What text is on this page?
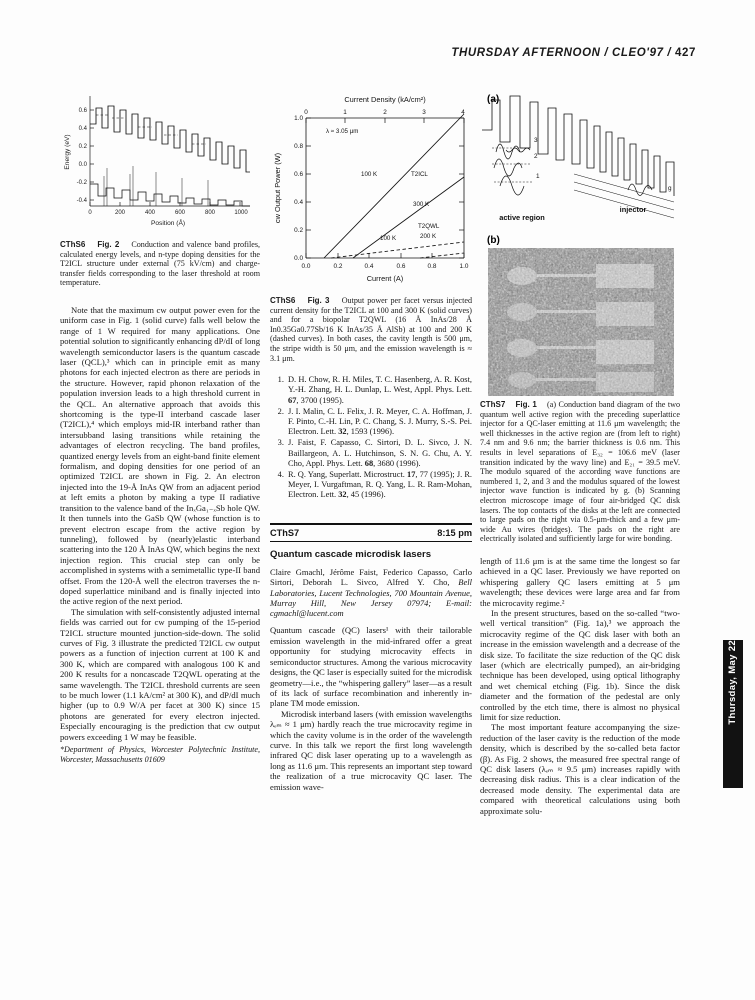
THURSDAY AFTERNOON / CLEO'97 / 427
0	200	400	600	800	1000
-0.4
-0.2
0.0
0.2
0.4
0.6
Position (Å)
Energy (eV)
Current Density (kA/cm²)
0	1	2	3	4
0.0	0.2	0.4	0.6	0.8	1.0
0.0
0.2
0.4
0.6
0.8
1.0
Current (A)
cw Output Power (W)
λ ≈ 3.05 μm
100 K	T2ICL
300 K
T2QWL
200 K
100 K
(a)
3
2
1
g
active region
injector
(b)
CThS6 Fig. 2 Conduction and valence band profiles, calculated energy levels, and n-type doping densities for the T2ICL structure under external (75 kV/cm) and charge-transfer fields corresponding to the laser threshold at room temperature.

Note that the maximum cw output power even for the uniform case in Fig. 1 (solid curve) falls well below the range of 1 W required for many applications. One potential solution to significantly enhancing dP/dI of long wavelength semiconductor lasers is the quantum cascade laser (QCL),³ which can in principle emit as many photons for each injected electron as there are periods in the structure. However, rapid phonon relaxation of the population inversion leads to a high threshold current in the QCL. An alternative approach that avoids this shortcoming is the type-II interband cascade laser (T2ICL),⁴ which employs mid-IR interband rather than intersubband lasing transitions while retaining the advantages of electron recycling. The band profiles, quantized energy levels from an eight-band finite element formalism, and doping densities for one period of an optimized T2ICL are shown in Fig. 2. An electron injected into the 19-Å InAs QW from an adjacent period at left emits a photon by making a type II radiative transition to the valence band of the InₓGa₁₋ₓSb hole QW. It then tunnels into the GaSb QW (whose function is to prevent electron escape from the active region by tunneling), followed by (nearly)elastic interband scattering into the 120 Å InAs QW, which begins the next injection region. This crucial step can only be accomplished in systems with a semimetallic type-II band offset. From the 120-Å well the electron traverses the n-doped superlattice miniband and is finally injected into the active region of the next period.

The simulation with self-consistently adjusted internal fields was carried out for cw pumping of the 15-period T2ICL structure mounted junction-side-down. The solid curves of Fig. 3 illustrate the predicted T2ICL cw output powers as a function of injection current at 100 K and 300 K, which are compared with analogous 100 K and 200 K results for a noncascade T2QWL operating at the same wavelength. The T2ICL threshold currents are seen to be much lower (1.1 kA/cm² at 300 K), and dP/dI much higher (up to 0.9 W/A per facet at 300 K) since 15 photons are generated for every electron injected. Especially encouraging is the prediction that cw output powers exceeding 1 W may be feasible.

*Department of Physics, Worcester Polytechnic Institute, Worcester, Massachusetts 01609
CThS6 Fig. 3 Output power per facet versus injected current density for the T2ICL at 100 and 300 K (solid curves) and for a biopolar T2QWL (16 Å InAs/28 Å In0.35Ga0.77Sb/16 K InAs/35 Å AlSb) at 100 and 200 K (dashed curves). In both cases, the cavity length is 500 μm, the stripe width is 50 μm, and the emission wavelength is ≈ 3.1 μm.
1. D. H. Chow, R. H. Miles, T. C. Hasenberg, A. R. Kost, Y.-H. Zhang, H. L. Dunlap, L. West, Appl. Phys. Lett. 67, 3700 (1995).
2. J. I. Malin, C. L. Felix, J. R. Meyer, C. A. Hoffman, J. F. Pinto, C.-H. Lin, P. C. Chang, S. J. Murry, S.-S. Pei. Electron. Lett. 32, 1593 (1996).
3. J. Faist, F. Capasso, C. Sirtori, D. L. Sivco, J. N. Baillargeon, A. L. Hutchinson, S. N. G. Chu, A. Y. Cho, Appl. Phys. Lett. 68, 3680 (1996).
4. R. Q. Yang, Superlatt. Microstruct. 17, 77 (1995); J. R. Meyer, I. Vurgaftman, R. Q. Yang, L. R. Ram-Mohan, Electron. Lett. 32, 45 (1996).
CThS7	8:15 pm
Quantum cascade microdisk lasers
Claire Gmachl, Jérôme Faist, Federico Capasso, Carlo Sirtori, Deborah L. Sivco, Alfred Y. Cho, Bell Laboratories, Lucent Technologies, 700 Mountain Avenue, Murray Hill, New Jersey 07974; E-mail: cgmachl@lucent.com

Quantum cascade (QC) lasers¹ with their tailorable emission wavelength in the mid-infrared offer a great opportunity for studying microcavity effects in semiconductor structures. Among the various microcavity designs, the QC laser is especially suited for the microdisk geometry—i.e., the “whispering gallery” laser—as a result of its lack of surface recombination and inherently in-plane TM mode emission.

Microdisk interband lasers (with emission wavelengths λₑₘ ≈ 1 μm) hardly reach the true microcavity regime in which the cavity volume is in the order of the wavelength curve. In this talk we report the first long wavelength infrared QC disk laser operating up to a wavelength as long as 11.6 μm. This represents an important step toward the realization of a true microcavity QC laser. The emission wave-

CThS7 Fig. 1 (a) Conduction band diagram of the two quantum well active region with the preceding superlattice injector for a QC-laser emitting at 11.6 μm wavelength; the well thicknesses in the active region are (from left to right) 7.4 nm and 9.6 nm; the barrier thickness is 0.6 nm. This results in level separations of E₃₂ = 106.6 meV (laser transition indicated by the wavy line) and E₂₁ = 39.5 meV. The modulo squared of the according wave functions are numbered 1, 2, and 3 and the modulus squared of the lowest injector wave function is indicated by g. (b) Scanning electron microscope image of four air-bridged QC disk lasers. The top contacts of the disks at the left are connected to large pads on the right via 0.5-μm-thick and a few μm-wide Au wires (bridges). The pads on the right are electrically isolated and sufficiently large for wire bonding.

length of 11.6 μm is at the same time the longest so far achieved in a QC laser. Previously we have reported on whispering gallery QC lasers emitting at 5 μm wavelength; these devices were large area and far from the microcavity regime.²

In the present structures, based on the so-called “two-well vertical transition” (Fig. 1a),³ we approach the microcavity regime of the QC disk laser with both an increase in the emission wavelength and a decrease of the disk size. To facilitate the size reduction of the QC disk laser (which are electrically pumped), an air-bridging technique has been developed, using optical lithography and wet chemical etching (Fig. 1b). Since the disk diameter and the formation of the pedestal are only controlled by the etch time, there is almost no physical limit for size reduction.

The most important feature accompanying the size-reduction of the laser cavity is the reduction of the mode density, which is described by the so-called beta factor (β). As Fig. 2 shows, the measured free spectral range of QC disk lasers (λₑₘ ≈ 9.5 μm) increases rapidly with decreasing disk radius. This is a clear indication of the decreased mode density. The experimental data are compared with theoretical calculations using both approximate solu-

Thursday, May 22
